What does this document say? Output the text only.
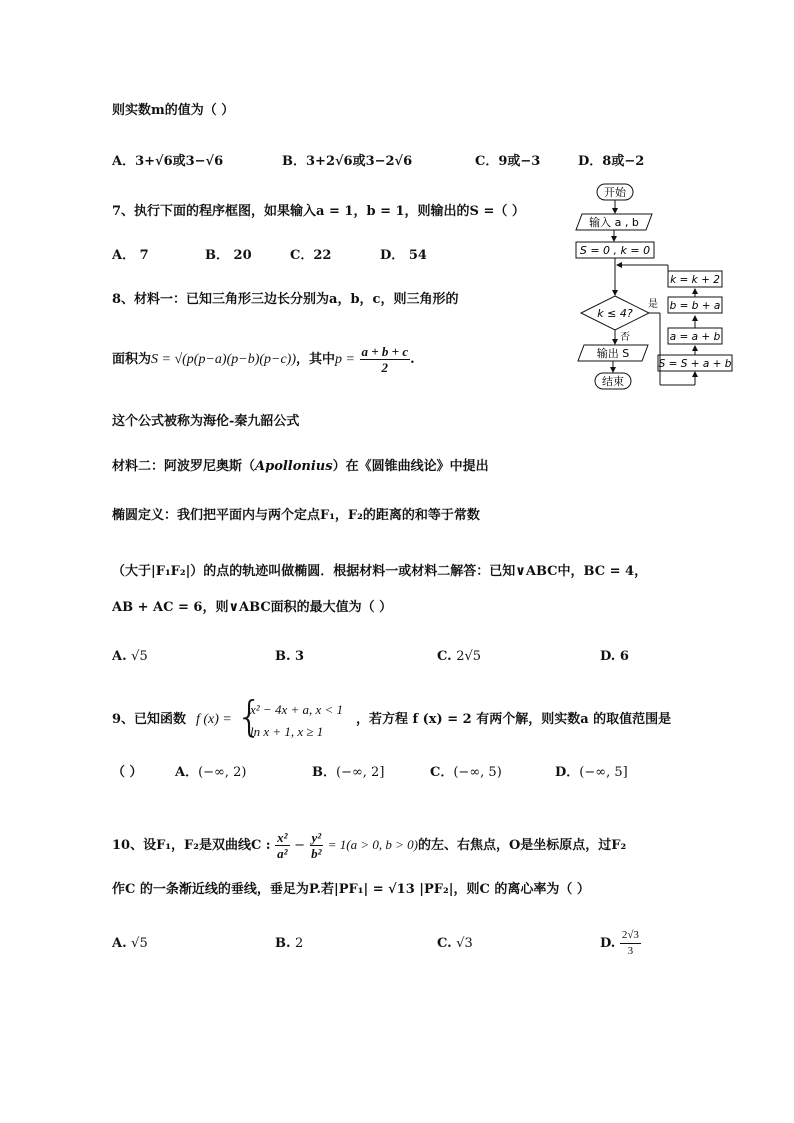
则实数m的值为（ ）
A．3+√6或3−√6	B．3+2√6或3−2√6	C．9或−3	D．8或−2
7、执行下面的程序框图，如果输入a = 1，b = 1，则输出的S =（ ）
A． 7	B． 20	C．22	D． 54
开始
输入 a , b
S = 0 , k = 0
k ≤ 4?
是
否
S = S + a + b
a = a + b
b = b + a
k = k + 2
输出 S
结束
8、材料一：已知三角形三边长分别为a，b，c，则三角形的
面积为S = √(p(p−a)(p−b)(p−c))，其中$p = \frac{a + b + c}{2}$ .
这个公式被称为海伦-秦九韶公式
材料二：阿波罗尼奥斯（Apollonius）在《圆锥曲线论》中提出
椭圆定义：我们把平面内与两个定点F₁，F₂的距离的和等于常数
（大于|F₁F₂|）的点的轨迹叫做椭圆．根据材料一或材料二解答：已知∨ABC中，BC = 4，
AB + AC = 6，则∨ABC面积的最大值为（ ）
A. √5	B. 3	C. 2√5	D. 6
9、已知函数 f (x) = {
x² − 4x + a, x < 1
ln x + 1, x ≥ 1
，若方程 f (x) = 2 有两个解，则实数a 的取值范围是
（ ） A．(−∞, 2)	B．(−∞, 2]	C．(−∞, 5)	D．(−∞, 5]
10、设F₁，F₂是双曲线C : $\frac{\text{x²}}{\text{a²}} - \frac{\text{y²}}{\text{b²}} = 1(a > 0$, b > 0)的左、右焦点，O是坐标原点，过F₂
作C 的一条渐近线的垂线，垂足为P.若|PF₁| = √13 |PF₂|，则C 的离心率为（ ）
A. √5	B. 2	C. √3	D. $\frac{2√3}{3}$
